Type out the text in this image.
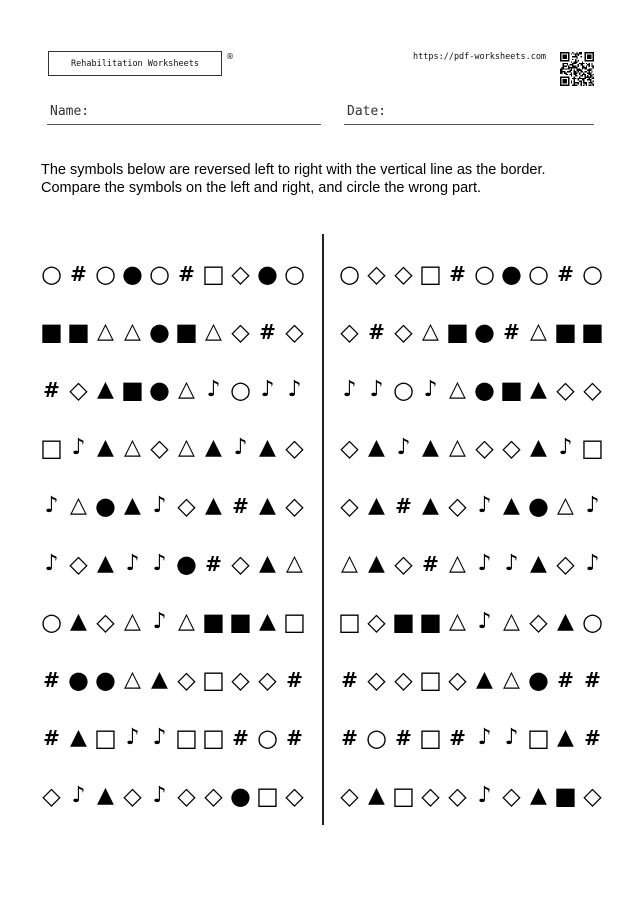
Rehabilitation Worksheets
®	https://pdf-worksheets.com
Name:	Date:
The symbols below are reversed left to right with the vertical line as the border.
Compare the symbols on the left and right, and circle the wrong part.
○ # ○ ● ○ # □ ◇ ● ○ ○ ◇ ◇ □ # ○ ● ○ # ○
■ ■ △ △ ● ■ △ ◇ # ◇ ◇ # ◇ △ ■ ● # △ ■ ■
# ◇ ▲ ■ ● △ ♪ ○ ♪ ♪ ♪ ♪ ○ ♪ △ ● ■ ▲ ◇ ◇
□ ♪ ▲ △ ◇ △ ▲ ♪ ▲ ◇ ◇ ▲ ♪ ▲ △ ◇ ◇ ▲ ♪ □
♪ △ ● ▲ ♪ ◇ ▲ # ▲ ◇ ◇ ▲ # ▲ ◇ ♪ ▲ ● △ ♪
♪ ◇ ▲ ♪ ♪ ● # ◇ ▲ △ △ ▲ ◇ # △ ♪ ♪ ▲ ◇ ♪
○ ▲ ◇ △ ♪ △ ■ ■ ▲ □ □ ◇ ■ ■ △ ♪ △ ◇ ▲ ○
# ● ● △ ▲ ◇ □ ◇ ◇ # # ◇ ◇ □ ◇ ▲ △ ● # #
# ▲ □ ♪ ♪ □ □ # ○ # # ○ # □ # ♪ ♪ □ ▲ #
◇ ♪ ▲ ◇ ♪ ◇ ◇ ● □ ◇ ◇ ▲ □ ◇ ◇ ♪ ◇ ▲ ■ ◇
